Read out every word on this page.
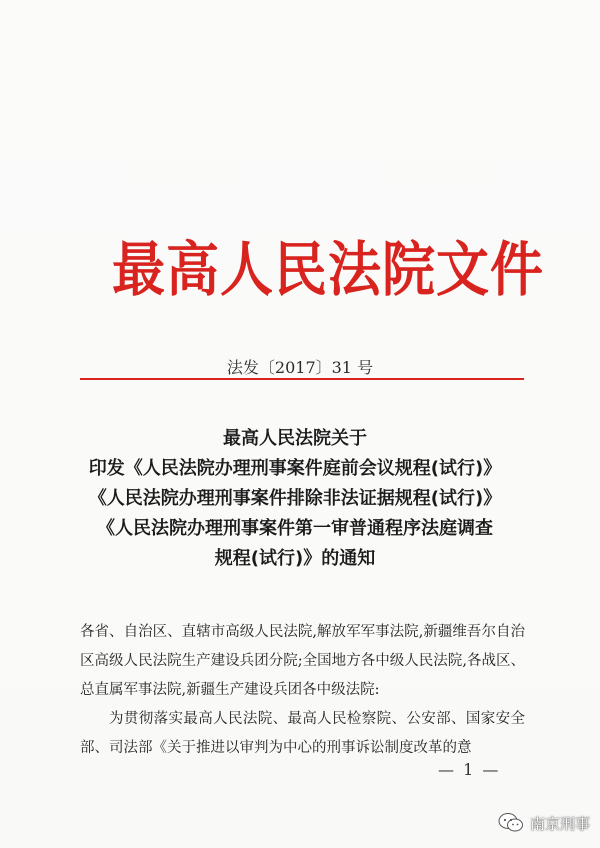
最高人民法院文件
法发〔2017〕31 号
最高人民法院关于
印发《人民法院办理刑事案件庭前会议规程(试行)》
《人民法院办理刑事案件排除非法证据规程(试行)》
《人民法院办理刑事案件第一审普通程序法庭调查
规程(试行)》的通知

各省、自治区、直辖市高级人民法院,解放军军事法院,新疆维吾尔自治区高级人民法院生产建设兵团分院;全国地方各中级人民法院,各战区、总直属军事法院,新疆生产建设兵团各中级法院:

为贯彻落实最高人民法院、最高人民检察院、公安部、国家安全部、司法部《关于推进以审判为中心的刑事诉讼制度改革的意

— 1 —
南京刑事
